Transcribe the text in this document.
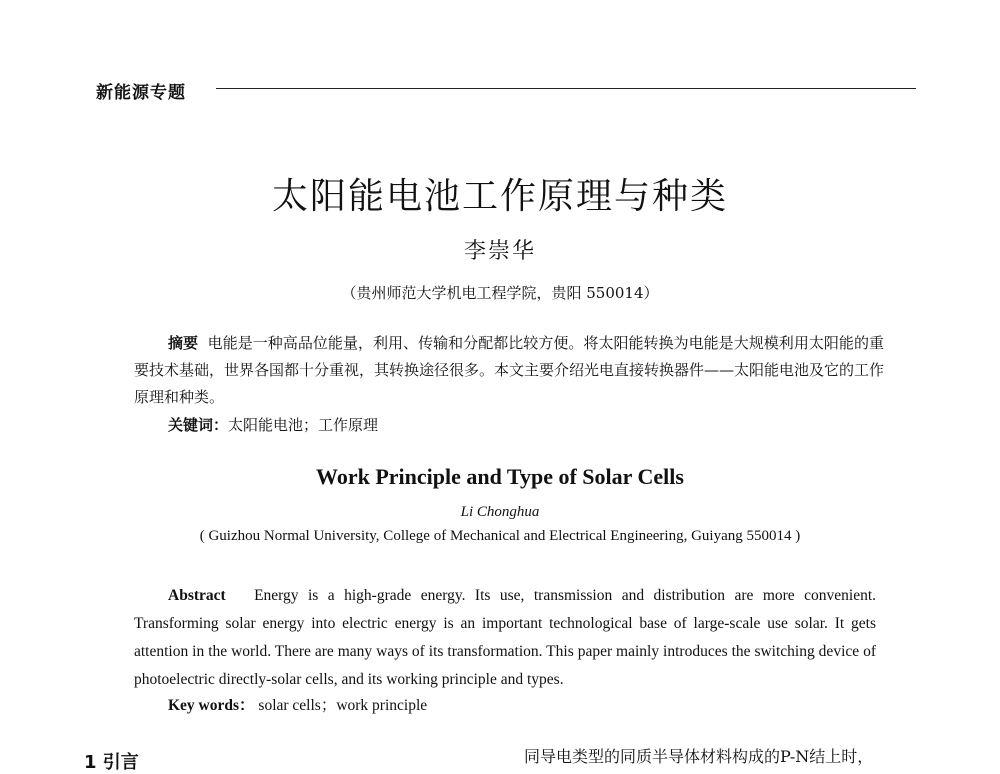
新能源专题
太阳能电池工作原理与种类
李崇华
（贵州师范大学机电工程学院，贵阳 550014）
摘要 电能是一种高品位能量，利用、传输和分配都比较方便。将太阳能转换为电能是大规模利用太阳能的重要技术基础，世界各国都十分重视，其转换途径很多。本文主要介绍光电直接转换器件——太阳能电池及它的工作原理和种类。
关键词：太阳能电池；工作原理
Work Principle and Type of Solar Cells
Li Chonghua
( Guizhou Normal University, College of Mechanical and Electrical Engineering, Guiyang 550014 )
Abstract Energy is a high-grade energy. Its use, transmission and distribution are more convenient. Transforming solar energy into electric energy is an important technological base of large-scale use solar. It gets attention in the world. There are many ways of its transformation. This paper mainly introduces the switching device of photoelectric directly-solar cells, and its working principle and types.
Key words： solar cells；work principle
1 引言	同导电类型的同质半导体材料构成的P-N结上时，
